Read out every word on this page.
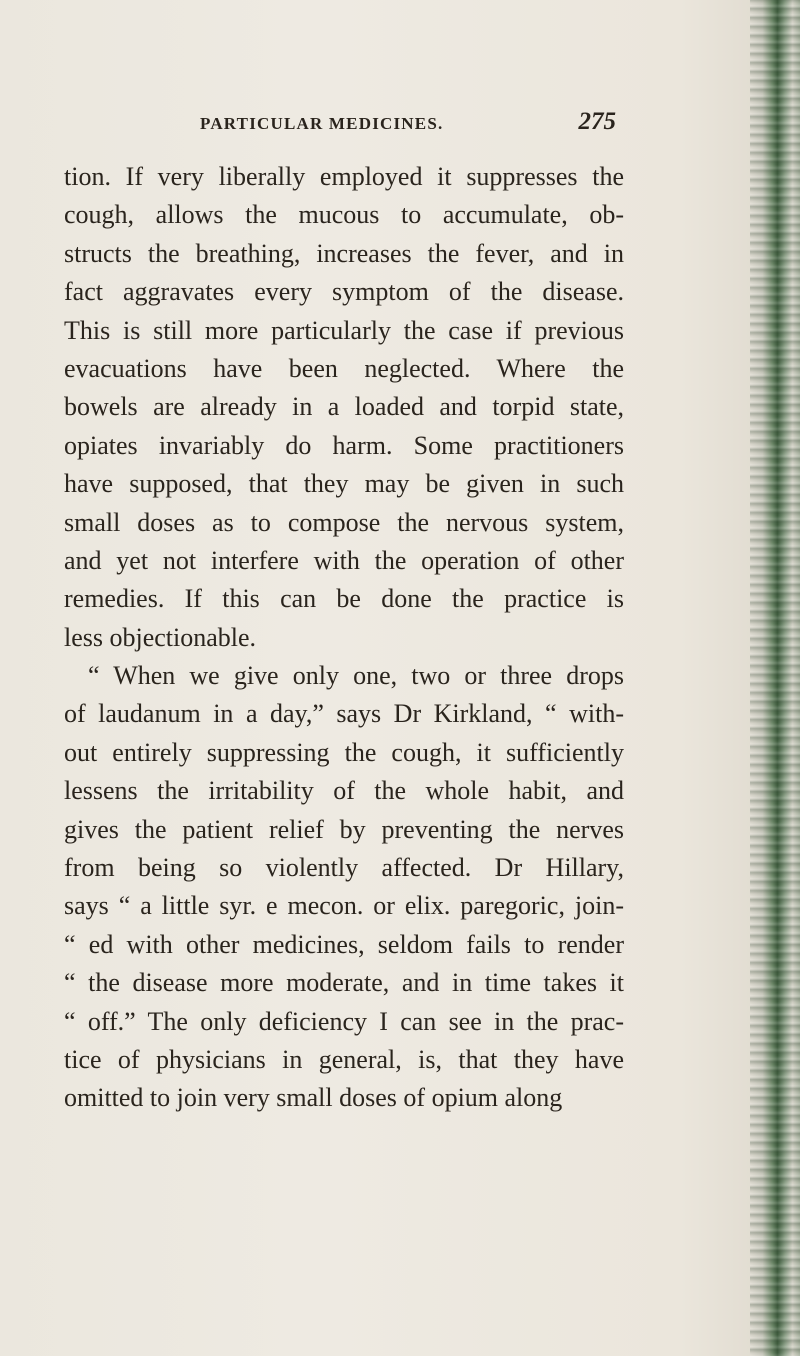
PARTICULAR MEDICINES.	275
tion. If very liberally employed it suppresses the
cough, allows the mucous to accumulate, ob-
structs the breathing, increases the fever, and in
fact aggravates every symptom of the disease.
This is still more particularly the case if previous
evacuations have been neglected. Where the
bowels are already in a loaded and torpid state,
opiates invariably do harm. Some practitioners
have supposed, that they may be given in such
small doses as to compose the nervous system,
and yet not interfere with the operation of other
remedies. If this can be done the practice is
less objectionable.
“ When we give only one, two or three drops
of laudanum in a day,” says Dr Kirkland, “ with-
out entirely suppressing the cough, it sufficiently
lessens the irritability of the whole habit, and
gives the patient relief by preventing the nerves
from being so violently affected. Dr Hillary,
says “ a little syr. e mecon. or elix. paregoric, join-
“ ed with other medicines, seldom fails to render
“ the disease more moderate, and in time takes it
“ off.” The only deficiency I can see in the prac-
tice of physicians in general, is, that they have
omitted to join very small doses of opium along
